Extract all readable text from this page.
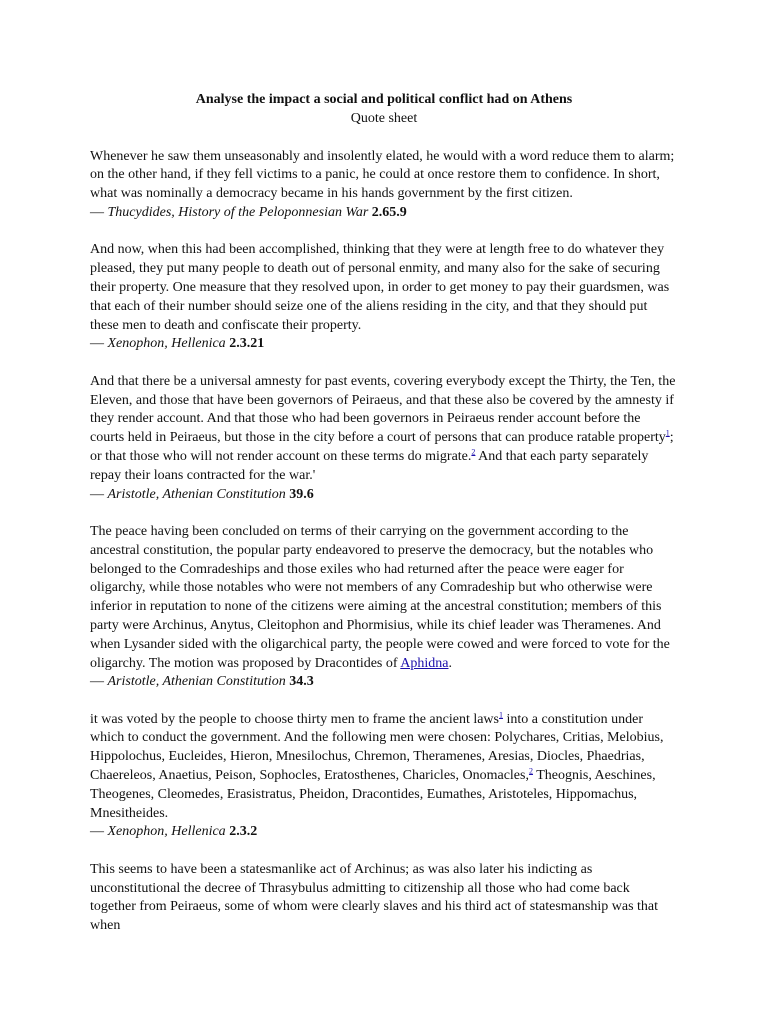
Analyse the impact a social and political conflict had on Athens

Quote sheet

Whenever he saw them unseasonably and insolently elated, he would with a word reduce them to alarm; on the other hand, if they fell victims to a panic, he could at once restore them to confidence. In short, what was nominally a democracy became in his hands government by the first citizen.

— Thucydides, History of the Peloponnesian War 2.65.9

And now, when this had been accomplished, thinking that they were at length free to do whatever they pleased, they put many people to death out of personal enmity, and many also for the sake of securing their property. One measure that they resolved upon, in order to get money to pay their guardsmen, was that each of their number should seize one of the aliens residing in the city, and that they should put these men to death and confiscate their property.

— Xenophon, Hellenica 2.3.21

And that there be a universal amnesty for past events, covering everybody except the Thirty, the Ten, the Eleven, and those that have been governors of Peiraeus, and that these also be covered by the amnesty if they render account. And that those who had been governors in Peiraeus render account before the courts held in Peiraeus, but those in the city before a court of persons that can produce ratable property$^1$; or that those who will not render account on these terms do migrate.$^2$ And that each party separately repay their loans contracted for the war.'

— Aristotle, Athenian Constitution 39.6

The peace having been concluded on terms of their carrying on the government according to the ancestral constitution, the popular party endeavored to preserve the democracy, but the notables who belonged to the Comradeships and those exiles who had returned after the peace were eager for oligarchy, while those notables who were not members of any Comradeship but who otherwise were inferior in reputation to none of the citizens were aiming at the ancestral constitution; members of this party were Archinus, Anytus, Cleitophon and Phormisius, while its chief leader was Theramenes. And when Lysander sided with the oligarchical party, the people were cowed and were forced to vote for the oligarchy. The motion was proposed by Dracontides of Aphidna.

— Aristotle, Athenian Constitution 34.3

it was voted by the people to choose thirty men to frame the ancient laws$^1$ into a constitution under which to conduct the government. And the following men were chosen: Polychares, Critias, Melobius, Hippolochus, Eucleides, Hieron, Mnesilochus, Chremon, Theramenes, Aresias, Diocles, Phaedrias, Chaereleos, Anaetius, Peison, Sophocles, Eratosthenes, Charicles, Onomacles,$^2$ Theognis, Aeschines, Theogenes, Cleomedes, Erasistratus, Pheidon, Dracontides, Eumathes, Aristoteles, Hippomachus, Mnesitheides.

— Xenophon, Hellenica 2.3.2

This seems to have been a statesmanlike act of Archinus; as was also later his indicting as unconstitutional the decree of Thrasybulus admitting to citizenship all those who had come back together from Peiraeus, some of whom were clearly slaves and his third act of statesmanship was that when
